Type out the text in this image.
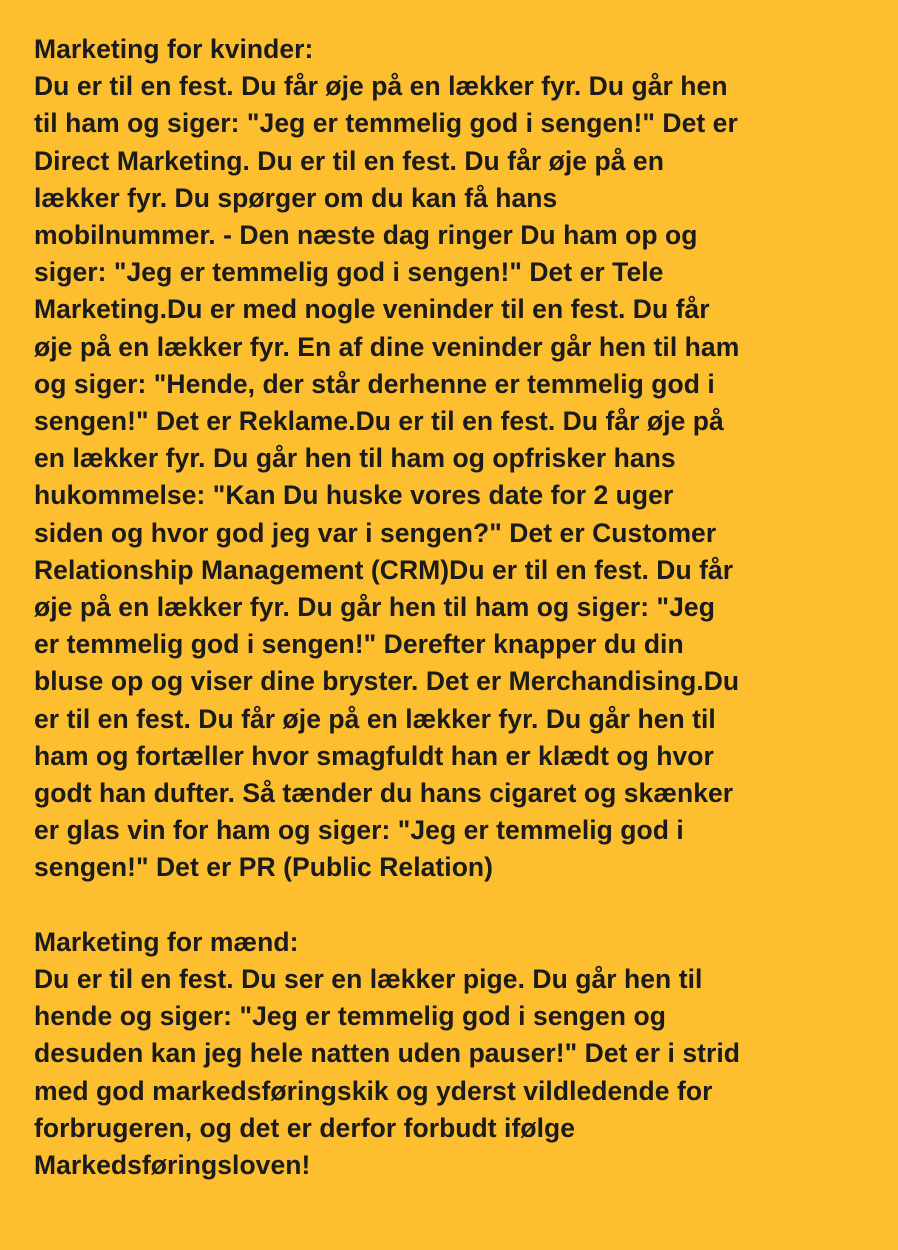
Marketing for kvinder:
Du er til en fest. Du får øje på en lækker fyr. Du går hen
til ham og siger: "Jeg er temmelig god i sengen!" Det er
Direct Marketing. Du er til en fest. Du får øje på en
lækker fyr. Du spørger om du kan få hans
mobilnummer. - Den næste dag ringer Du ham op og
siger: "Jeg er temmelig god i sengen!" Det er Tele
Marketing.Du er med nogle veninder til en fest. Du får
øje på en lækker fyr. En af dine veninder går hen til ham
og siger: "Hende, der står derhenne er temmelig god i
sengen!" Det er Reklame.Du er til en fest. Du får øje på
en lækker fyr. Du går hen til ham og opfrisker hans
hukommelse: "Kan Du huske vores date for 2 uger
siden og hvor god jeg var i sengen?" Det er Customer
Relationship Management (CRM)Du er til en fest. Du får
øje på en lækker fyr. Du går hen til ham og siger: "Jeg
er temmelig god i sengen!" Derefter knapper du din
bluse op og viser dine bryster. Det er Merchandising.Du
er til en fest. Du får øje på en lækker fyr. Du går hen til
ham og fortæller hvor smagfuldt han er klædt og hvor
godt han dufter. Så tænder du hans cigaret og skænker
er glas vin for ham og siger: "Jeg er temmelig god i
sengen!" Det er PR (Public Relation)

Marketing for mænd:
Du er til en fest. Du ser en lækker pige. Du går hen til
hende og siger: "Jeg er temmelig god i sengen og
desuden kan jeg hele natten uden pauser!" Det er i strid
med god markedsføringskik og yderst vildledende for
forbrugeren, og det er derfor forbudt ifølge
Markedsføringsloven!
